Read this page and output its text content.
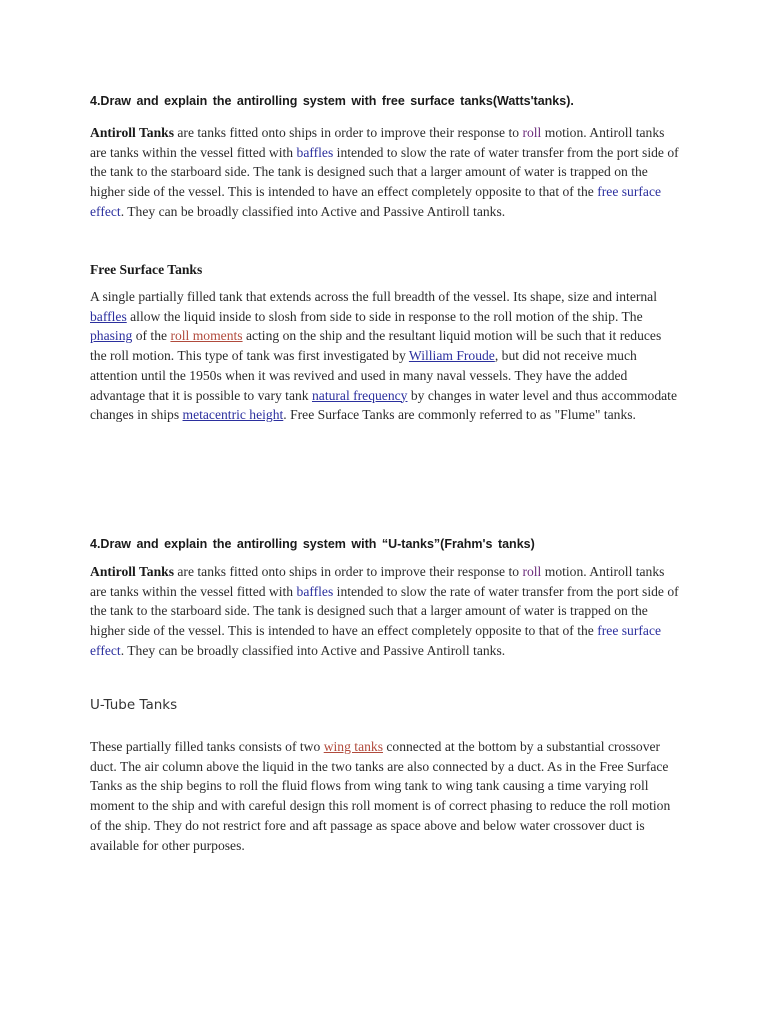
4.Draw and explain the antirolling system with free surface tanks(Watts'tanks).

Antiroll Tanks are tanks fitted onto ships in order to improve their response to roll motion. Antiroll tanks are tanks within the vessel fitted with baffles intended to slow the rate of water transfer from the port side of the tank to the starboard side. The tank is designed such that a larger amount of water is trapped on the higher side of the vessel. This is intended to have an effect completely opposite to that of the free surface effect. They can be broadly classified into Active and Passive Antiroll tanks.

Free Surface Tanks

A single partially filled tank that extends across the full breadth of the vessel. Its shape, size and internal baffles allow the liquid inside to slosh from side to side in response to the roll motion of the ship. The phasing of the roll moments acting on the ship and the resultant liquid motion will be such that it reduces the roll motion. This type of tank was first investigated by William Froude, but did not receive much attention until the 1950s when it was revived and used in many naval vessels. They have the added advantage that it is possible to vary tank natural frequency by changes in water level and thus accommodate changes in ships metacentric height. Free Surface Tanks are commonly referred to as "Flume" tanks.

4.Draw and explain the antirolling system with “U-tanks”(Frahm's tanks)

Antiroll Tanks are tanks fitted onto ships in order to improve their response to roll motion. Antiroll tanks are tanks within the vessel fitted with baffles intended to slow the rate of water transfer from the port side of the tank to the starboard side. The tank is designed such that a larger amount of water is trapped on the higher side of the vessel. This is intended to have an effect completely opposite to that of the free surface effect. They can be broadly classified into Active and Passive Antiroll tanks.

U-Tube Tanks

These partially filled tanks consists of two wing tanks connected at the bottom by a substantial crossover duct. The air column above the liquid in the two tanks are also connected by a duct. As in the Free Surface Tanks as the ship begins to roll the fluid flows from wing tank to wing tank causing a time varying roll moment to the ship and with careful design this roll moment is of correct phasing to reduce the roll motion of the ship. They do not restrict fore and aft passage as space above and below water crossover duct is available for other purposes.
